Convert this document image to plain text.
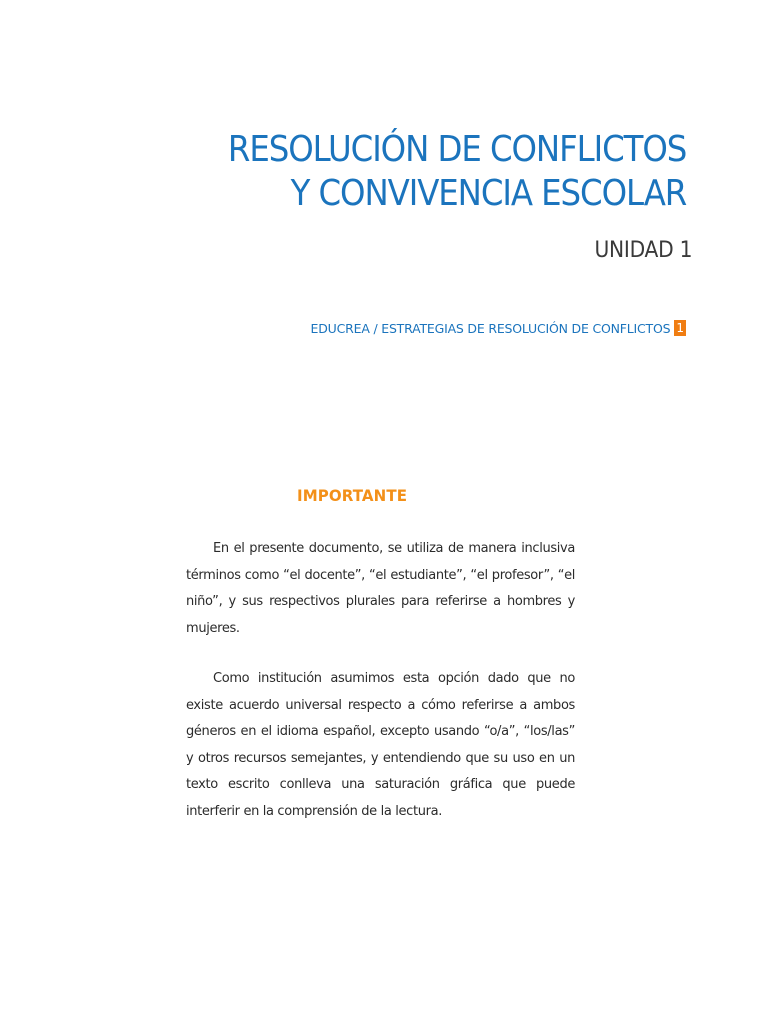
RESOLUCIÓN DE CONFLICTOS
Y CONVIVENCIA ESCOLAR
UNIDAD 1
EDUCREA / ESTRATEGIAS DE RESOLUCIÓN DE CONFLICTOS 1
IMPORTANTE

En el presente documento, se utiliza de manera inclusiva términos como “el docente”, “el estudiante”, “el profesor”, “el niño”, y sus respectivos plurales para referirse a hombres y mujeres.

Como institución asumimos esta opción dado que no existe acuerdo universal respecto a cómo referirse a ambos géneros en el idioma español, excepto usando “o/a”, “los/las” y otros recursos semejantes, y entendiendo que su uso en un texto escrito conlleva una saturación gráfica que puede interferir en la comprensión de la lectura.
